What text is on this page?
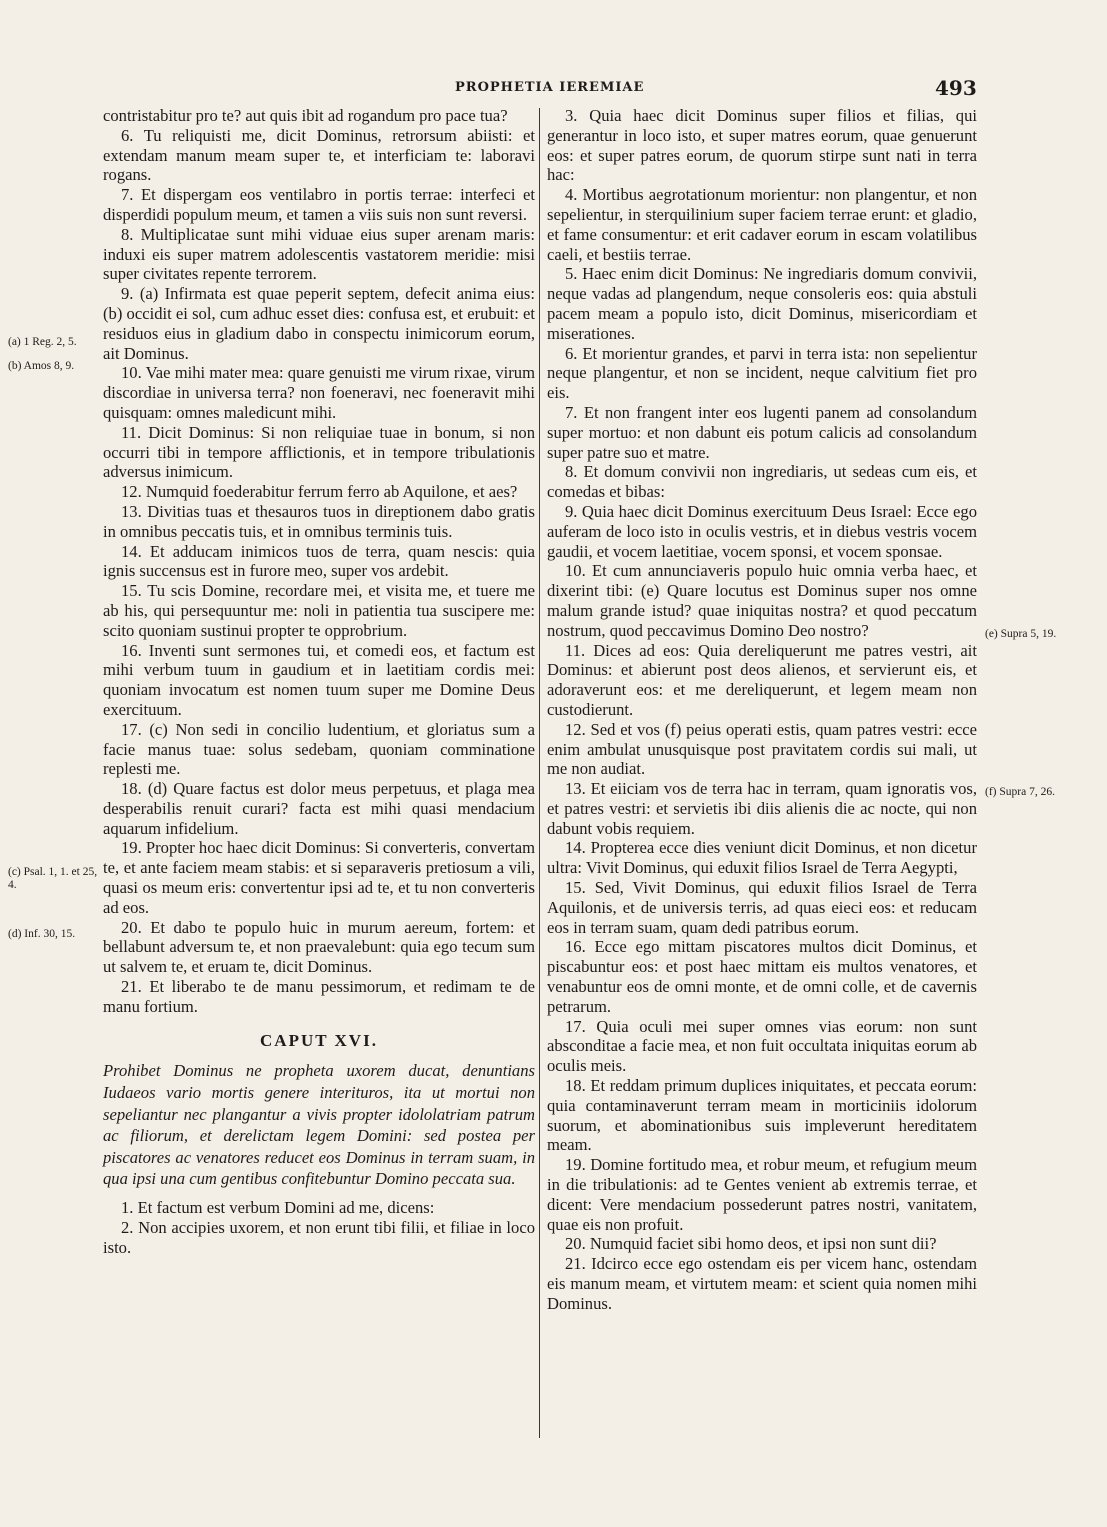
PROPHETIA IEREMIAE	493
(a) 1 Reg. 2, 5.
(b) Amos 8, 9.
(c) Psal. 1, 1. et 25, 4.
(d) Inf. 30, 15.
(e) Supra 5, 19.
(f) Supra 7, 26.

contristabitur pro te? aut quis ibit ad rogandum pro pace tua?

6. Tu reliquisti me, dicit Dominus, retrorsum abiisti: et extendam manum meam super te, et interficiam te: laboravi rogans.

7. Et dispergam eos ventilabro in portis terrae: interfeci et disperdidi populum meum, et tamen a viis suis non sunt reversi.

8. Multiplicatae sunt mihi viduae eius super arenam maris: induxi eis super matrem adolescentis vastatorem meridie: misi super civitates repente terrorem.

9. (a) Infirmata est quae peperit septem, defecit anima eius: (b) occidit ei sol, cum adhuc esset dies: confusa est, et erubuit: et residuos eius in gladium dabo in conspectu inimicorum eorum, ait Dominus.

10. Vae mihi mater mea: quare genuisti me virum rixae, virum discordiae in universa terra? non foeneravi, nec foeneravit mihi quisquam: omnes maledicunt mihi.

11. Dicit Dominus: Si non reliquiae tuae in bonum, si non occurri tibi in tempore afflictionis, et in tempore tribulationis adversus inimicum.

12. Numquid foederabitur ferrum ferro ab Aquilone, et aes?

13. Divitias tuas et thesauros tuos in direptionem dabo gratis in omnibus peccatis tuis, et in omnibus terminis tuis.

14. Et adducam inimicos tuos de terra, quam nescis: quia ignis succensus est in furore meo, super vos ardebit.

15. Tu scis Domine, recordare mei, et visita me, et tuere me ab his, qui persequuntur me: noli in patientia tua suscipere me: scito quoniam sustinui propter te opprobrium.

16. Inventi sunt sermones tui, et comedi eos, et factum est mihi verbum tuum in gaudium et in laetitiam cordis mei: quoniam invocatum est nomen tuum super me Domine Deus exercituum.

17. (c) Non sedi in concilio ludentium, et gloriatus sum a facie manus tuae: solus sedebam, quoniam comminatione replesti me.

18. (d) Quare factus est dolor meus perpetuus, et plaga mea desperabilis renuit curari? facta est mihi quasi mendacium aquarum infidelium.

19. Propter hoc haec dicit Dominus: Si converteris, convertam te, et ante faciem meam stabis: et si separaveris pretiosum a vili, quasi os meum eris: convertentur ipsi ad te, et tu non converteris ad eos.

20. Et dabo te populo huic in murum aereum, fortem: et bellabunt adversum te, et non praevalebunt: quia ego tecum sum ut salvem te, et eruam te, dicit Dominus.

21. Et liberabo te de manu pessimorum, et redimam te de manu fortium.

CAPUT XVI.

Prohibet Dominus ne propheta uxorem ducat, denuntians Iudaeos vario mortis genere interituros, ita ut mortui non sepeliantur nec plangantur a vivis propter idololatriam patrum ac filiorum, et derelictam legem Domini: sed postea per piscatores ac venatores reducet eos Dominus in terram suam, in qua ipsi una cum gentibus confitebuntur Domino peccata sua.

1. Et factum est verbum Domini ad me, dicens:

2. Non accipies uxorem, et non erunt tibi filii, et filiae in loco isto.

3. Quia haec dicit Dominus super filios et filias, qui generantur in loco isto, et super matres eorum, quae genuerunt eos: et super patres eorum, de quorum stirpe sunt nati in terra hac:

4. Mortibus aegrotationum morientur: non plangentur, et non sepelientur, in sterquilinium super faciem terrae erunt: et gladio, et fame consumentur: et erit cadaver eorum in escam volatilibus caeli, et bestiis terrae.

5. Haec enim dicit Dominus: Ne ingrediaris domum convivii, neque vadas ad plangendum, neque consoleris eos: quia abstuli pacem meam a populo isto, dicit Dominus, misericordiam et miserationes.

6. Et morientur grandes, et parvi in terra ista: non sepelientur neque plangentur, et non se incident, neque calvitium fiet pro eis.

7. Et non frangent inter eos lugenti panem ad consolandum super mortuo: et non dabunt eis potum calicis ad consolandum super patre suo et matre.

8. Et domum convivii non ingrediaris, ut sedeas cum eis, et comedas et bibas:

9. Quia haec dicit Dominus exercituum Deus Israel: Ecce ego auferam de loco isto in oculis vestris, et in diebus vestris vocem gaudii, et vocem laetitiae, vocem sponsi, et vocem sponsae.

10. Et cum annunciaveris populo huic omnia verba haec, et dixerint tibi: (e) Quare locutus est Dominus super nos omne malum grande istud? quae iniquitas nostra? et quod peccatum nostrum, quod peccavimus Domino Deo nostro?

11. Dices ad eos: Quia dereliquerunt me patres vestri, ait Dominus: et abierunt post deos alienos, et servierunt eis, et adoraverunt eos: et me dereliquerunt, et legem meam non custodierunt.

12. Sed et vos (f) peius operati estis, quam patres vestri: ecce enim ambulat unusquisque post pravitatem cordis sui mali, ut me non audiat.

13. Et eiiciam vos de terra hac in terram, quam ignoratis vos, et patres vestri: et servietis ibi diis alienis die ac nocte, qui non dabunt vobis requiem.

14. Propterea ecce dies veniunt dicit Dominus, et non dicetur ultra: Vivit Dominus, qui eduxit filios Israel de Terra Aegypti,

15. Sed, Vivit Dominus, qui eduxit filios Israel de Terra Aquilonis, et de universis terris, ad quas eieci eos: et reducam eos in terram suam, quam dedi patribus eorum.

16. Ecce ego mittam piscatores multos dicit Dominus, et piscabuntur eos: et post haec mittam eis multos venatores, et venabuntur eos de omni monte, et de omni colle, et de cavernis petrarum.

17. Quia oculi mei super omnes vias eorum: non sunt absconditae a facie mea, et non fuit occultata iniquitas eorum ab oculis meis.

18. Et reddam primum duplices iniquitates, et peccata eorum: quia contaminaverunt terram meam in morticiniis idolorum suorum, et abominationibus suis impleverunt hereditatem meam.

19. Domine fortitudo mea, et robur meum, et refugium meum in die tribulationis: ad te Gentes venient ab extremis terrae, et dicent: Vere mendacium possederunt patres nostri, vanitatem, quae eis non profuit.

20. Numquid faciet sibi homo deos, et ipsi non sunt dii?

21. Idcirco ecce ego ostendam eis per vicem hanc, ostendam eis manum meam, et virtutem meam: et scient quia nomen mihi Dominus.
